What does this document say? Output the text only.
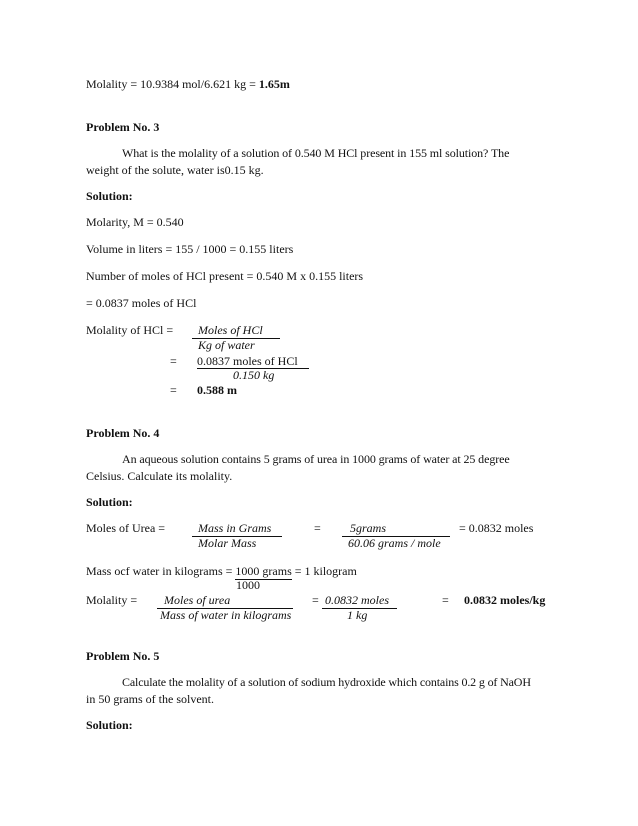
Molality = 10.9384 mol/6.621 kg = 1.65m
Problem No. 3
What is the molality of a solution of 0.540 M HCl present in 155 ml solution? The
weight of the solute, water is0.15 kg.
Solution:
Molarity, M = 0.540
Volume in liters = 155 / 1000 = 0.155 liters
Number of moles of HCl present = 0.540 M x 0.155 liters
= 0.0837 moles of HCl
Molality of HCl = Moles of HCl
Kg of water
= 0.0837 moles of HCl
0.150 kg
= 0.588 m
Problem No. 4
An aqueous solution contains 5 grams of urea in 1000 grams of water at 25 degree
Celsius. Calculate its molality.
Solution:
Moles of Urea =	Mass in Grams
Molar Mass
= 5grams
60.06 grams / mole
= 0.0832 moles
Mass ocf water in kilograms = 1000 grams = 1 kilogram
1000
Molality = Moles of urea
Mass of water in kilograms
= 0.0832 moles
1 kg
= 0.0832 moles/kg
Problem No. 5
Calculate the molality of a solution of sodium hydroxide which contains 0.2 g of NaOH
in 50 grams of the solvent.
Solution:
